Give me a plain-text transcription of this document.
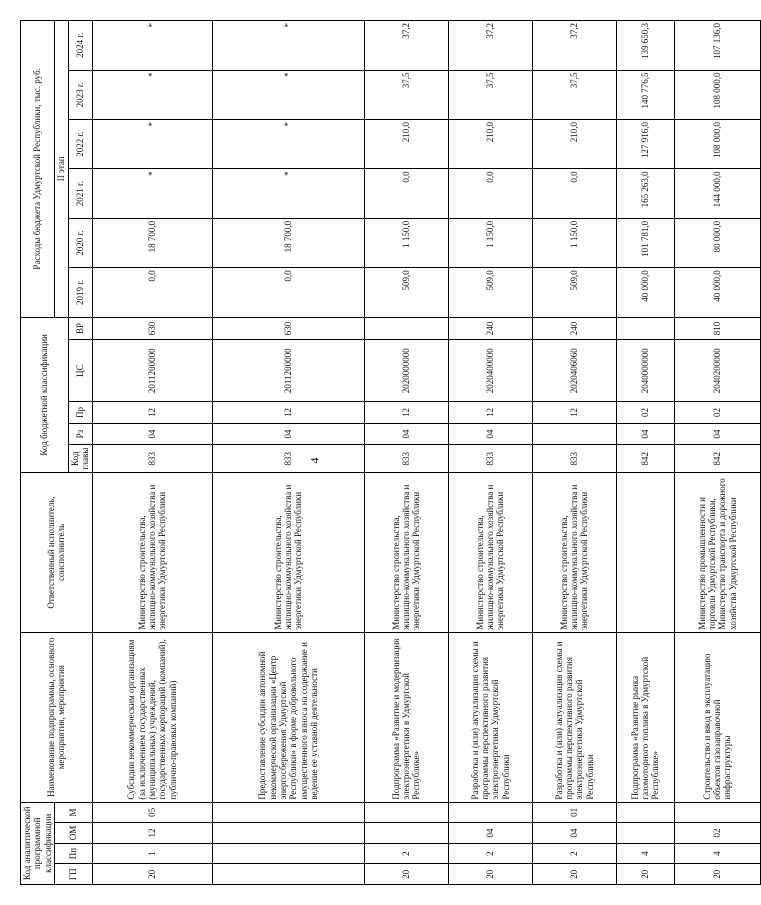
4
Код аналитической программной классификации				Наименование подпрограммы, основного мероприятия, мероприятия	Ответственный исполнитель, соисполнитель	Код бюджетной классификации					Расходы бюджета Удмуртской Республики, тыс. руб.					
ГП	Пп	ОМ	М								II этап					
						Код главы	Рз	Пр	ЦС	ВР	2019 г.	2020 г.	2021 г.	2022 г.	2023 г.	2024 г.
20	1	12	05	Субсидии некоммерческим организациям (за исключением государственных (муниципальных) учреждений, государственных корпораций (компаний), публично-правовых компаний)	Министерство строительства, жилищно-коммунального хозяйства и энергетики Удмуртской Республики	833	04	12	2011200000	630	0,0	18 700,0	*	*	*	*
				Предоставление субсидии автономной некоммерческой организации «Центр энергосбережения Удмуртской Республики» в форме добровольного имущественного взноса на содержание и ведение ее уставной деятельности	Министерство строительства, жилищно-коммунального хозяйства и энергетики Удмуртской Республики	833	04	12	2011200000	630	0,0	18 700,0	*	*	*	*
20	2			Подпрограмма «Развитие и модернизация электроэнергетики в Удмуртской Республике»	Министерство строительства, жилищно-коммунального хозяйства и энергетики Удмуртской Республики	833	04	12	2020000000		509,0	1 150,0	0,0	210,0	37,5	37,2
20	2	04		Разработка и (или) актуализация схемы и программы перспективного развития электроэнергетики Удмуртской Республики	Министерство строительства, жилищно-коммунального хозяйства и энергетики Удмуртской Республики	833	04	12	2020400000	240	509,0	1 150,0	0,0	210,0	37,5	37,2
20	2	04	01	Разработка и (или) актуализация схемы и программы перспективного развития электроэнергетики Удмуртской Республики	Министерство строительства, жилищно-коммунального хозяйства и энергетики Удмуртской Республики	833		12	2020406060	240	509,0	1 150,0	0,0	210,0	37,5	37,2
20	4			Подпрограмма «Развитие рынка газомоторного топлива в Удмуртской Республике»		842	04	02	2040000000		40 000,0	101 781,0	165 263,0	127 916,0	140 776,5	139 650,3
20	4	02		Строительство и ввод в эксплуатацию объектов газозаправочной инфраструктуры	Министерство промышленности и торговли Удмуртской Республики, Министерство транспорта и дорожного хозяйства Удмуртской Республики	842	04	02	2040200000	810	40 000,0	80 000,0	144 000,0	108 000,0	108 000,0	107 136,0
